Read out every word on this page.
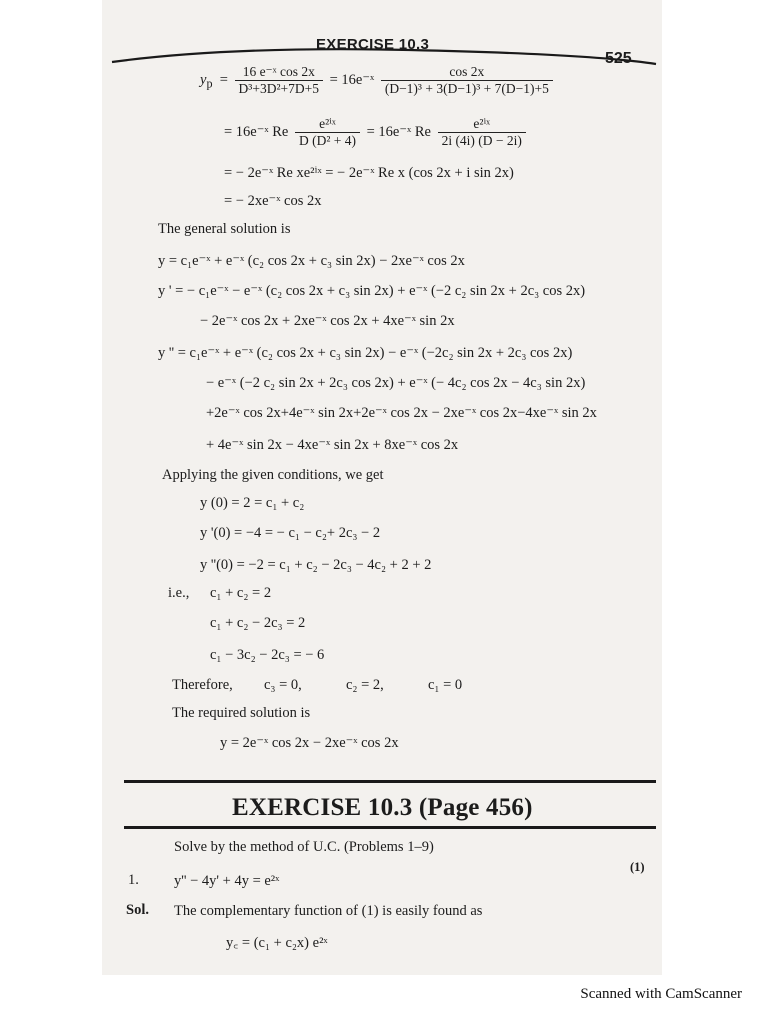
EXERCISE 10.3
525
$y_p = \frac{\text{16 e⁻ˣ cos 2x}}{\text{D³+3D²+7D+5}}$ = 16e⁻ˣ $\frac{\cos 2x}{\text{(D−1)³ + 3(D−1)³ + 7(D−1)+5}}$
= 16e⁻ˣ Re $\frac{\text{e²ⁱˣ}}{\text{D (D² + 4)}}$ = 16e⁻ˣ Re $\frac{\text{e²ⁱˣ}}{2i (4i) (D - 2i)}$
= − 2e⁻ˣ Re xe²ⁱˣ = − 2e⁻ˣ Re x (cos 2x + i sin 2x)
= − 2xe⁻ˣ cos 2x
The general solution is
y = c₁e⁻ˣ + e⁻ˣ (c₂ cos 2x + c₃ sin 2x) − 2xe⁻ˣ cos 2x
y ' = − c₁e⁻ˣ − e⁻ˣ (c₂ cos 2x + c₃ sin 2x) + e⁻ˣ (−2 c₂ sin 2x + 2c₃ cos 2x)
− 2e⁻ˣ cos 2x + 2xe⁻ˣ cos 2x + 4xe⁻ˣ sin 2x
y '' = c₁e⁻ˣ + e⁻ˣ (c₂ cos 2x + c₃ sin 2x) − e⁻ˣ (−2c₂ sin 2x + 2c₃ cos 2x)
− e⁻ˣ (−2 c₂ sin 2x + 2c₃ cos 2x) + e⁻ˣ (− 4c₂ cos 2x − 4c₃ sin 2x)
+2e⁻ˣ cos 2x+4e⁻ˣ sin 2x+2e⁻ˣ cos 2x − 2xe⁻ˣ cos 2x−4xe⁻ˣ sin 2x
+ 4e⁻ˣ sin 2x − 4xe⁻ˣ sin 2x + 8xe⁻ˣ cos 2x
Applying the given conditions, we get
y (0) = 2 = c₁ + c₂
y '(0) = −4 = − c₁ − c₂+ 2c₃ − 2
y ''(0) = −2 = c₁ + c₂ − 2c₃ − 4c₂ + 2 + 2
i.e., c₁ + c₂ = 2
c₁ + c₂ − 2c₃ = 2
c₁ − 3c₂ − 2c₃ = − 6
Therefore, c₃ = 0,	c₂ = 2,	c₁ = 0
The required solution is
y = 2e⁻ˣ cos 2x − 2xe⁻ˣ cos 2x
EXERCISE 10.3 (Page 456)
Solve by the method of U.C. (Problems 1–9)
(1)
1. y'' − 4y' + 4y = e²ˣ
Sol. The complementary function of (1) is easily found as
y꜀ = (c₁ + c₂x) e²ˣ
Scanned with CamScanner
